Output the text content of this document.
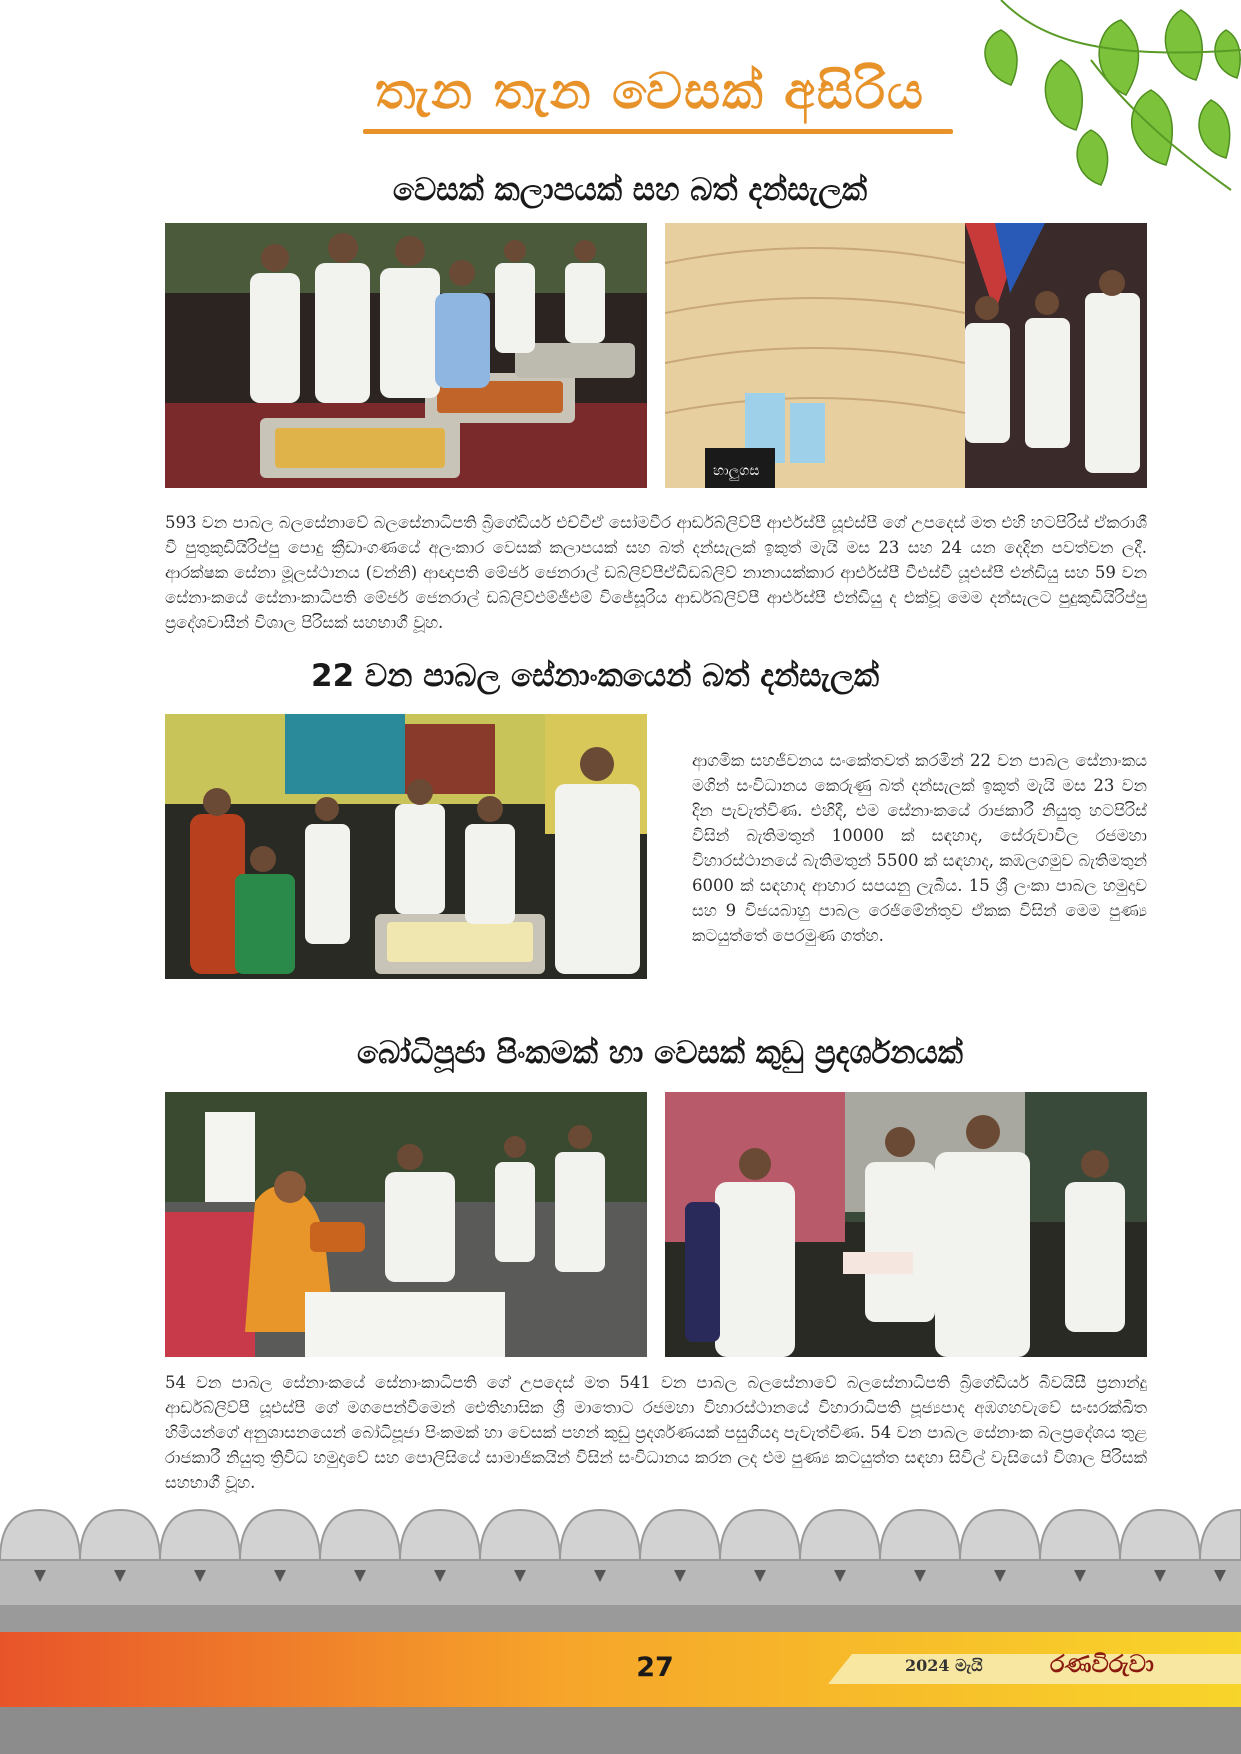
තැන තැන වෙසක් අසිරිය
වෙසක් කලාපයක් සහ බත් දන්සැලක්
හාලුගස
593 වන පාබල බලසේනාවේ බලසේනාධිපති බ්‍රිගේඩියර් එච්වීඒ සෝමවීර ආර්ඩබ්ලිව්පී ආර්එස්පී යූඑස්පී ගේ උපදෙස් මත එහි හටපිරිස් ඒකරාශී වී පුතුකුඩියිරිප්පු පොදු ක්‍රීඩාංගණයේ අලංකාර වෙසක් කලාපයක් සහ බත් දන්සැලක් ඉකුත් මැයි මස 23 සහ 24 යන දෙදින පවත්වන ලදී. ආරක්ෂක සේනා මූලස්ථානය (වන්නි) ආඥාපති මේජර් ජෙනරාල් ඩබ්ලිව්පීඒඩීඩබ්ලිව් නානායක්කාර ආර්එස්පී වීඑස්වී යූඑස්පී එන්ඩියු සහ 59 වන සේනාංකයේ සේනාංකාධිපති මේජර් ජෙනරාල් ඩබ්ලිව්එම්ජීඑම් විජේසූරිය ආර්ඩබ්ලිව්පී ආර්එස්පී එන්ඩියු ද එක්වූ මෙම දන්සැලට පුදුකුඩියිරිප්පු ප්‍රදේශවාසීන් විශාල පිරිසක් සහභාගී වූහ.
22 වන පාබල සේනාංකයෙන් බත් දන්සැලක්
ආගමික සහජීවනය සංකේතවත් කරමින් 22 වන පාබල සේනාංකය මගින් සංවිධානය කෙරුණු බත් දන්සැලක් ඉකුත් මැයි මස 23 වන දින පැවැත්විණ. එහිදී, එම සේනාංකයේ රාජකාරී නියුතු හටපිරිස් විසින් බැතිමතුන් 10000 ක් සඳහාද, සේරුවාවිල රජමහා විහාරස්ථානයේ බැතිමතුන් 5500 ක් සඳහාද, කඹලගමුව බැතිමතුන් 6000 ක් සඳහාද ආහාර සපයනු ලැබීය. 15 ශ්‍රී ලංකා පාබල හමුදාව සහ 9 විජයබාහු පාබල රෙජිමේන්තුව ඒකක විසින් මෙම පුණ්‍ය කටයුත්තේ පෙරමුණ ගත්හ.
බෝධිපූජා පිංකමක් හා වෙසක් කුඩු ප්‍රදර්ශනයක්
54 වන පාබල සේනාංකයේ සේනාංකාධිපති ගේ උපදෙස් මත 541 වන පාබල බලසේනාවේ බලසේනාධිපති බ්‍රිගේඩියර් බීවයිසී ප්‍රනාන්දු ආර්ඩබ්ලිව්පී යූඑස්පී ගේ මගපෙන්වීමෙන් ඓතිහාසික ශ්‍රී මාතොට රජමහා විහාරස්ථානයේ විහාරාධිපති පූජ්‍යපාද අඹගහවැවේ සංඝරක්ඛිත හිමියන්ගේ අනුශාසනයෙන් බෝධිපූජා පිංකමක් හා වෙසක් පහන් කුඩු ප්‍රදර්ශණයක් පසුගියදා පැවැත්විණ. 54 වන පාබල සේනාංක බලප්‍රදේශය තුළ රාජකාරී නියුතු ත්‍රිවිධ හමුදාවේ සහ පොලිසියේ සාමාජිකයින් විසින් සංවිධානය කරන ලද එම පුණ්‍ය කටයුත්ත සඳහා සිවිල් වැසියෝ විශාල පිරිසක් සහභාගී වූහ.
27	2024 මැයි	රණවිරුවා
